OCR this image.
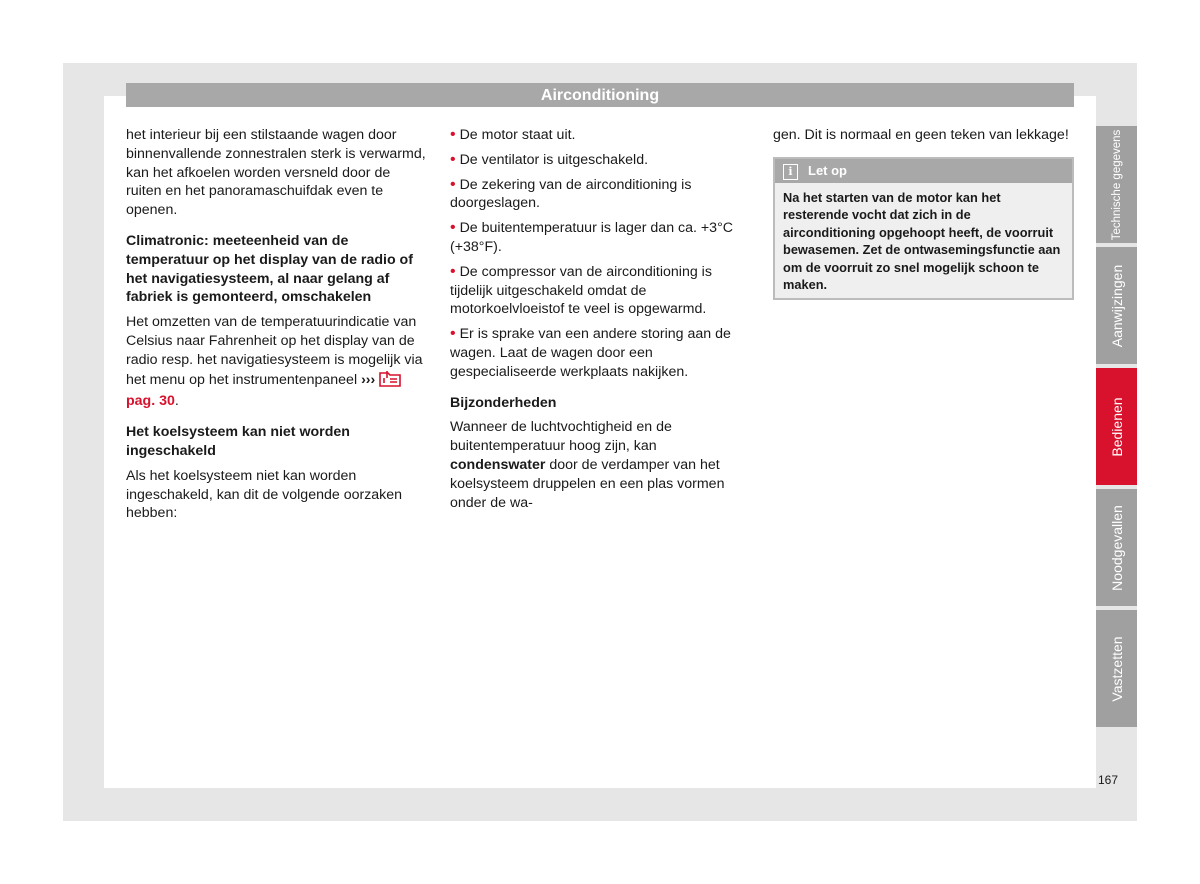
Airconditioning

het interieur bij een stilstaande wagen door binnenvallende zonnestralen sterk is verwarmd, kan het afkoelen worden versneld door de ruiten en het panoramaschuifdak even te openen.

Climatronic: meeteenheid van de temperatuur op het display van de radio of het navigatiesysteem, al naar gelang af fabriek is gemonteerd, omschakelen

Het omzetten van de temperatuurindicatie van Celsius naar Fahrenheit op het display van de radio resp. het navigatiesysteem is mogelijk via het menu op het instrumentenpaneel ›››pag. 30.

Het koelsysteem kan niet worden ingeschakeld

Als het koelsysteem niet kan worden ingeschakeld, kan dit de volgende oorzaken hebben:

• De motor staat uit.

• De ventilator is uitgeschakeld.

• De zekering van de airconditioning is doorgeslagen.

• De buitentemperatuur is lager dan ca. +3°C (+38°F).

• De compressor van de airconditioning is tijdelijk uitgeschakeld omdat de motorkoelvloeistof te veel is opgewarmd.

• Er is sprake van een andere storing aan de wagen. Laat de wagen door een gespecialiseerde werkplaats nakijken.

Bijzonderheden

Wanneer de luchtvochtigheid en de buitentemperatuur hoog zijn, kan condenswater door de verdamper van het koelsysteem druppelen en een plas vormen onder de wa-

gen. Dit is normaal en geen teken van lekkage!

i Let op
Na het starten van de motor kan het resterende vocht dat zich in de airconditioning opgehoopt heeft, de voorruit bewasemen. Zet de ontwasemingsfunctie aan om de voorruit zo snel mogelijk schoon te maken.
Technische gegevens
Aanwijzingen
Bedienen
Noodgevallen
Vastzetten
167
